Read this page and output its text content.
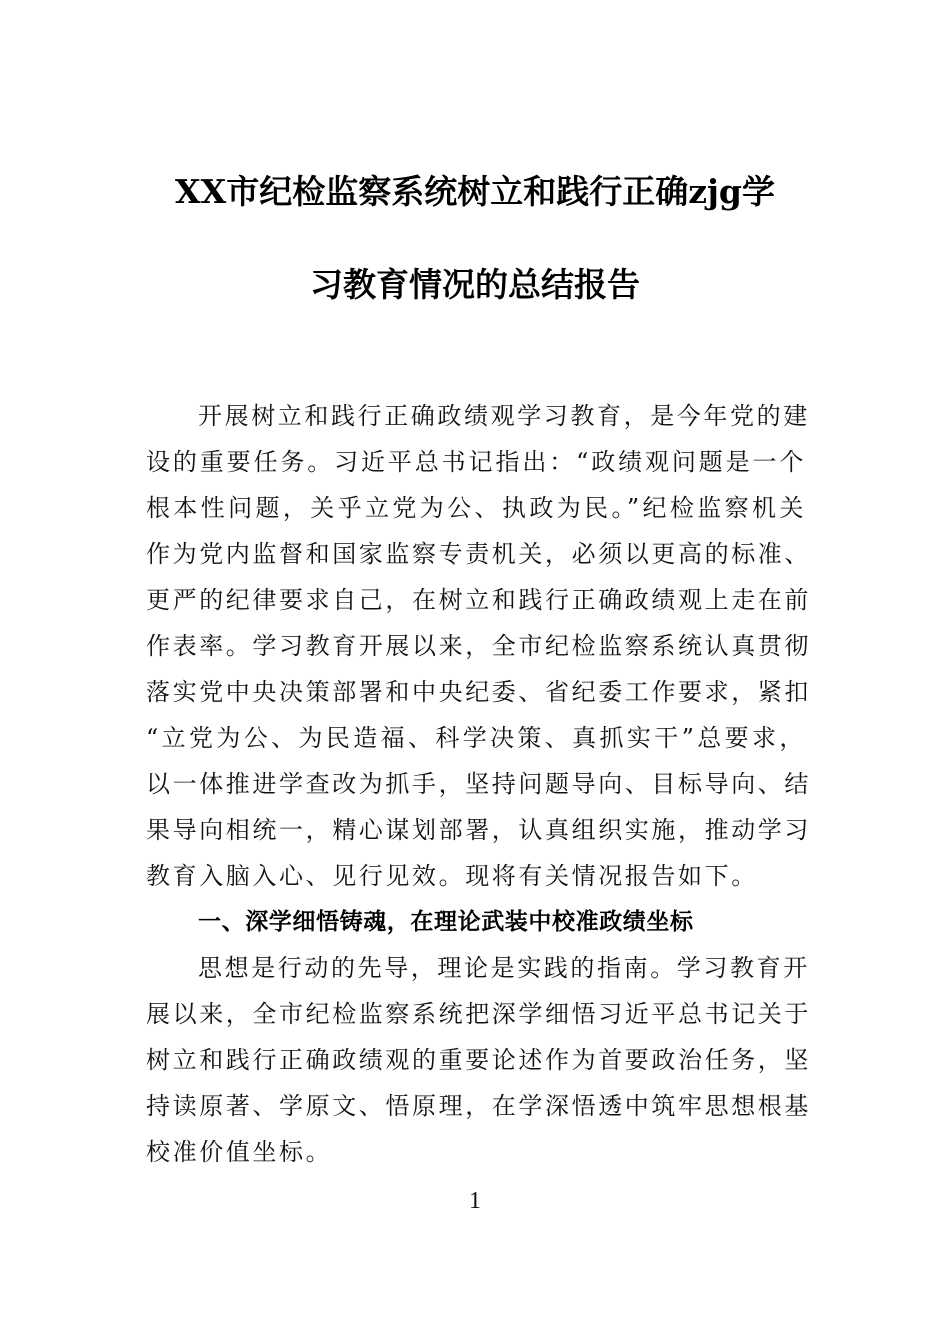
XX市纪检监察系统树立和践行正确zjg学
习教育情况的总结报告
开展树立和践行正确政绩观学习教育，是今年党的建
设的重要任务。习近平总书记指出：“政绩观问题是一个
根本性问题，关乎立党为公、执政为民。”纪检监察机关
作为党内监督和国家监察专责机关，必须以更高的标准、
更严的纪律要求自己，在树立和践行正确政绩观上走在前
作表率。学习教育开展以来，全市纪检监察系统认真贯彻
落实党中央决策部署和中央纪委、省纪委工作要求，紧扣
“立党为公、为民造福、科学决策、真抓实干”总要求，
以一体推进学查改为抓手，坚持问题导向、目标导向、结
果导向相统一，精心谋划部署，认真组织实施，推动学习
教育入脑入心、见行见效。现将有关情况报告如下。
一、深学细悟铸魂，在理论武装中校准政绩坐标
思想是行动的先导，理论是实践的指南。学习教育开
展以来，全市纪检监察系统把深学细悟习近平总书记关于
树立和践行正确政绩观的重要论述作为首要政治任务，坚
持读原著、学原文、悟原理，在学深悟透中筑牢思想根基
校准价值坐标。
1
